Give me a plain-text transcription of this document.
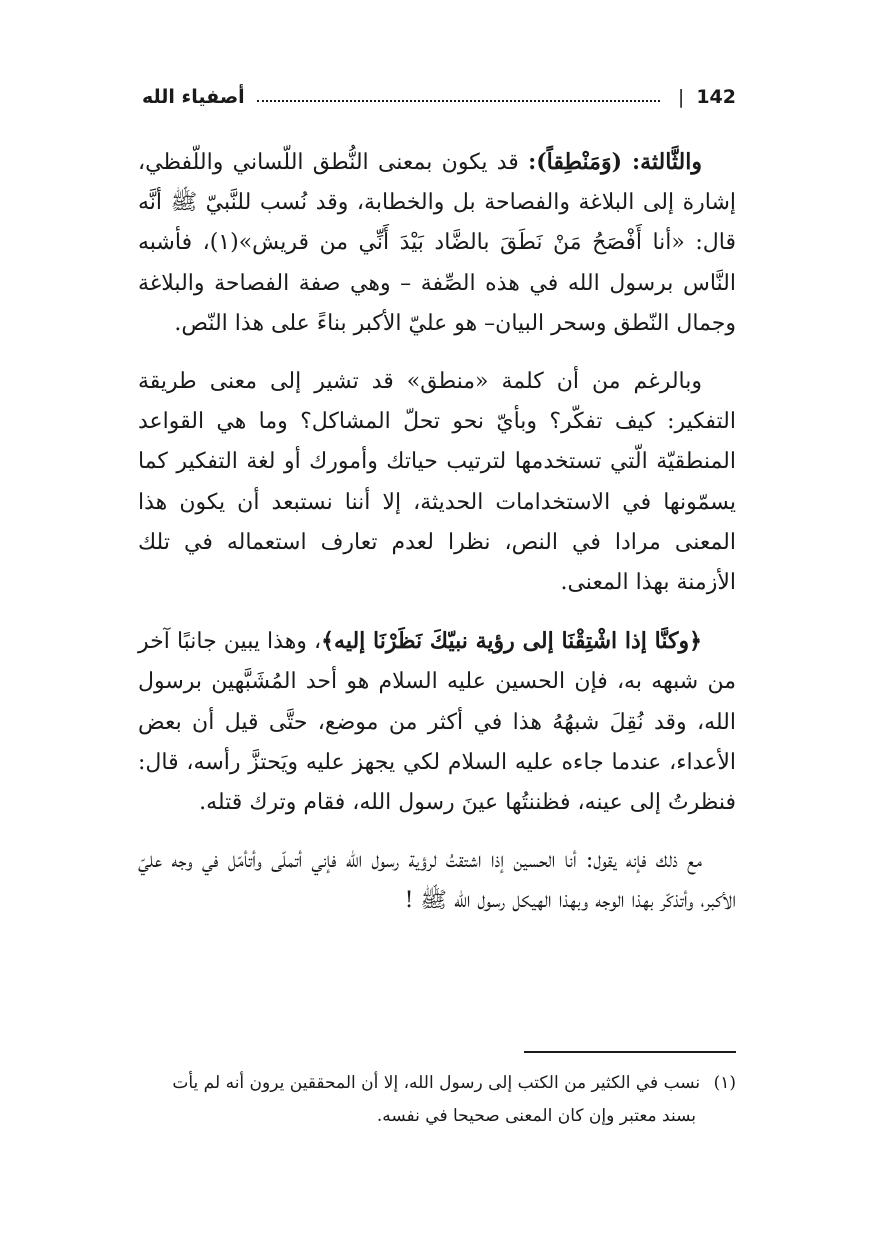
142
|
أصفياء الله

والثَّالثة: (وَمَنْطِقاً): قد يكون بمعنى النُّطق اللّساني واللّفظي، إشارة إلى البلاغة والفصاحة بل والخطابة، وقد نُسب للنَّبيّ ﷺ أنَّه قال: «أنا أَفْصَحُ مَنْ نَطَقَ بالضَّاد بَيْدَ أَنِّي من قريش»(١)، فأشبه النَّاس برسول الله في هذه الصِّفة – وهي صفة الفصاحة والبلاغة وجمال النّطق وسحر البيان– هو عليّ الأكبر بناءً على هذا النّص.

وبالرغم من أن كلمة «منطق» قد تشير إلى معنى طريقة التفكير: كيف تفكّر؟ وبأيّ نحو تحلّ المشاكل؟ وما هي القواعد المنطقيّة الّتي تستخدمها لترتيب حياتك وأمورك أو لغة التفكير كما يسمّونها في الاستخدامات الحديثة، إلا أننا نستبعد أن يكون هذا المعنى مرادا في النص، نظرا لعدم تعارف استعماله في تلك الأزمنة بهذا المعنى.

﴿وكنَّا إذا اشْتِقْنَا إلى رؤية نبيّكَ نَظَرْنَا إليه﴾، وهذا يبين جانبًا آخر من شبهه به، فإن الحسين عليه السلام هو أحد المُشَبَّهين برسول الله، وقد نُقِلَ شبهُهُ هذا في أكثر من موضع، حتَّى قيل أن بعض الأعداء، عندما جاءه عليه السلام لكي يجهز عليه ويَحتزَّ رأسه، قال: فنظرتُ إلى عينه، فظننتُها عينَ رسول الله، فقام وترك قتله.

مع ذلك فإنه يقول: أنا الحسين إذا اشتقتُ لرؤية رسول الله فإني أتملّى وأتأمّل في وجه عليّ الأكبر، وأتذكّر بهذا الوجه وبهذا الهيكل رسول الله ﷺ !

(١) نسب في الكثير من الكتب إلى رسول الله، إلا أن المحققين يرون أنه لم يأت
بسند معتبر وإن كان المعنى صحيحا في نفسه.
